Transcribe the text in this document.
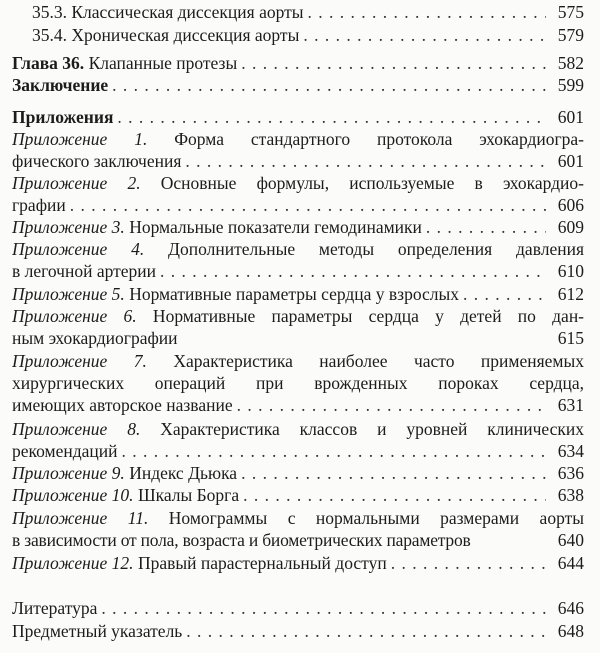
35.3. Классическая диссекция аорты . . .	575
35.4. Хроническая диссекция аорты . . .	579
Глава 36. Клапанные протезы . . .	582
Заключение . . .	599
Приложения . . .	601
Приложение 1. Форма стандартного протокола эхокардиогра-
фического заключения . . .	601
Приложение 2. Основные формулы, используемые в эхокардио-
графии . . .	606
Приложение 3. Нормальные показатели гемодинамики . . .	609
Приложение 4. Дополнительные методы определения давления
в легочной артерии . . .	610
Приложение 5. Нормативные параметры сердца у взрослых . . .	612
Приложение 6. Нормативные параметры сердца у детей по дан-
ным эхокардиографии	615
Приложение 7. Характеристика наиболее часто применяемых
хирургических операций при врожденных пороках сердца,
имеющих авторское название . . .	631
Приложение 8. Характеристика классов и уровней клинических
рекомендаций . . .	634
Приложение 9. Индекс Дьюка . . .	636
Приложение 10. Шкалы Борга . . .	638
Приложение 11. Номограммы с нормальными размерами аорты
в зависимости от пола, возраста и биометрических параметров	640
Приложение 12. Правый парастернальный доступ . . .	644
Литература . . .	646
Предметный указатель . . .	648
